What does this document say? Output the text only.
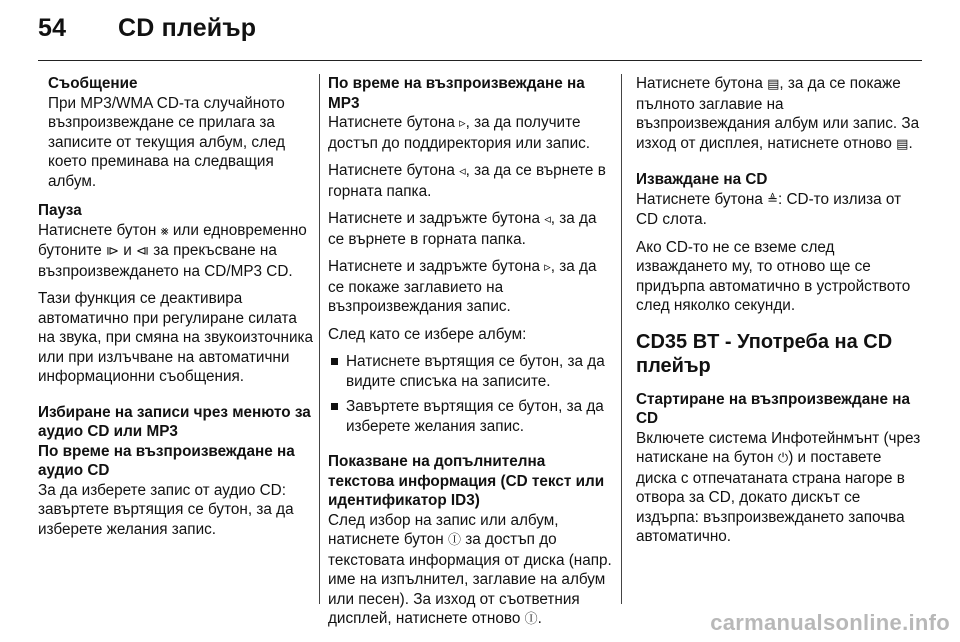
54	CD плейър
Съобщение
При MP3/WMA CD-та случайното възпроизвеждане се прилага за записите от текущия албум, след което преминава на следващия албум.
Пауза

Натиснете бутон ⨳ или едновременно бутоните ⧐ и ⧏ за прекъсване на възпроизвеждането на CD/MP3 CD.

Тази функция се деактивира автоматично при регулиране силата на звука, при смяна на звукоизточника или при излъчване на автоматични информационни съобщения.

Избиране на записи чрез менюто за аудио CD или MP3
По време на възпроизвеждане на аудио CD

За да изберете запис от аудио CD: завъртете въртящия се бутон, за да изберете желания запис.

По време на възпроизвеждане на MP3

Натиснете бутона ▹, за да получите достъп до поддиректория или запис.

Натиснете бутона ◃, за да се върнете в горната папка.

Натиснете и задръжте бутона ◃, за да се върнете в горната папка.

Натиснете и задръжте бутона ▹, за да се покаже заглавието на възпроизвеждания запис.

След като се избере албум:

Натиснете въртящия се бутон, за да видите списъка на записите.
Завъртете въртящия се бутон, за да изберете желания запис.
Показване на допълнителна текстова информация (CD текст или идентификатор ID3)

След избор на запис или албум, натиснете бутон Ⓘ за достъп до текстовата информация от диска (напр. име на изпълнител, заглавие на албум или песен). За изход от съответния дисплей, натиснете отново Ⓘ.

Натиснете бутона ▤, за да се покаже пълното заглавие на възпроизвеждания албум или запис. За изход от дисплея, натиснете отново ▤.

Изваждане на CD

Натиснете бутона ≜: CD-то излиза от CD слота.

Ако CD-то не се вземе след изваждането му, то отново ще се придърпа автоматично в устройството след няколко секунди.

CD35 BT - Употреба на CD плейър
Стартиране на възпроизвеждане на CD

Включете система Инфотейнмънт (чрез натискане на бутон ⏻) и поставете диска с отпечатаната страна нагоре в отвора за CD, докато дискът се издърпа: възпроизвеждането започва автоматично.

carmanualsonline.info
